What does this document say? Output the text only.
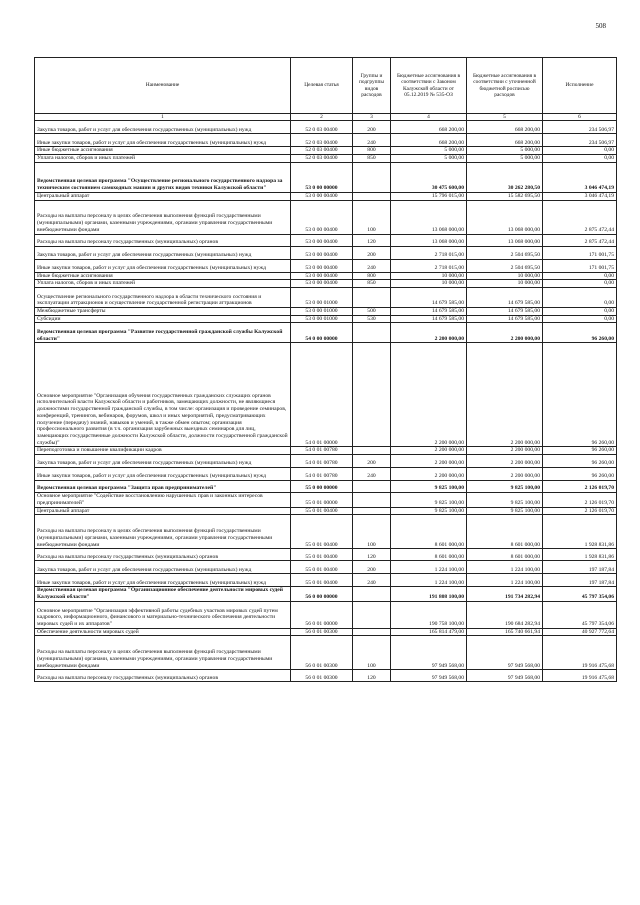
508
Наименование	Целевая статья	Группы и подгруппы видов расходов	Бюджетные ассигнования в соответствии с Законом Калужской области от 05.12.2019 № 535-ОЗ	Бюджетные ассигнования в соответствии с уточненной бюджетной росписью расходов	Исполнение
1	2	3	4	5	6
Закупка товаров, работ и услуг для обеспечения государственных (муниципальных) нужд	52 0 03 00400	200	668 200,00	668 200,00	234 506,97
Иные закупки товаров, работ и услуг для обеспечения государственных (муниципальных) нужд	52 0 03 00400	240	668 200,00	668 200,00	234 506,97
Иные бюджетные ассигнования	52 0 03 00400	800	5 000,00	5 000,00	0,00
Уплата налогов, сборов и иных платежей	52 0 03 00400	850	5 000,00	5 000,00	0,00
Ведомственная целевая программа "Осуществление регионального государственного надзора за техническим состоянием самоходных машин и других видов техники Калужской области"	53 0 00 00000		30 475 600,00	30 262 280,50	3 046 474,19
Центральный аппарат	53 0 00 00400		15 796 015,00	15 582 695,50	3 046 474,19
Расходы на выплаты персоналу в целях обеспечения выполнения функций государственными (муниципальными) органами, казенными учреждениями, органами управления государственными внебюджетными фондами	53 0 00 00400	100	13 068 000,00	13 068 000,00	2 875 472,44
Расходы на выплаты персоналу государственных (муниципальных) органов	53 0 00 00400	120	13 068 000,00	13 068 000,00	2 875 472,44
Закупка товаров, работ и услуг для обеспечения государственных (муниципальных) нужд	53 0 00 00400	200	2 718 015,00	2 504 695,50	171 001,75
Иные закупки товаров, работ и услуг для обеспечения государственных (муниципальных) нужд	53 0 00 00400	240	2 718 015,00	2 504 695,50	171 001,75
Иные бюджетные ассигнования	53 0 00 00400	800	10 000,00	10 000,00	0,00
Уплата налогов, сборов и иных платежей	53 0 00 00400	850	10 000,00	10 000,00	0,00
Осуществление регионального государственного надзора в области технического состояния и эксплуатации аттракционов и осуществление государственной регистрации аттракционов	53 0 00 01000		14 679 585,00	14 679 585,00	0,00
Межбюджетные трансферты	53 0 00 01000	500	14 679 585,00	14 679 585,00	0,00
Субсидии	53 0 00 01000	530	14 679 585,00	14 679 585,00	0,00
Ведомственная целевая программа "Развитие государственной гражданской службы Калужской области"	54 0 00 00000		2 200 000,00	2 200 000,00	96 260,00
Основное мероприятие "Организация обучения государственных гражданских служащих органов исполнительной власти Калужской области и работников, замещающих должности, не являющиеся должностями государственной гражданской службы, в том числе: организация и проведение семинаров, конференций, тренингов, вебинаров, форумов, школ и иных мероприятий, предусматривающих получение (передачу) знаний, навыков и умений, в также обмен опытом; организация профессионального развития (в т.ч. организация зарубежных выездных семинаров для лиц, замещающих государственные должности Калужской области, должности государственной гражданской службы)"	54 0 01 00000		2 200 000,00	2 200 000,00	96 260,00
Переподготовка и повышение квалификации кадров	54 0 01 00780		2 200 000,00	2 200 000,00	96 260,00
Закупка товаров, работ и услуг для обеспечения государственных (муниципальных) нужд	54 0 01 00780	200	2 200 000,00	2 200 000,00	96 260,00
Иные закупки товаров, работ и услуг для обеспечения государственных (муниципальных) нужд	54 0 01 00780	240	2 200 000,00	2 200 000,00	96 260,00
Ведомственная целевая программа "Защита прав предпринимателей"	55 0 00 00000		9 825 100,00	9 825 100,00	2 126 019,70
Основное мероприятие "Содействие восстановлению нарушенных прав и законных интересов предпринимателей"	55 0 01 00000		9 825 100,00	9 825 100,00	2 126 019,70
Центральный аппарат	55 0 01 00400		9 825 100,00	9 825 100,00	2 126 019,70
Расходы на выплаты персоналу в целях обеспечения выполнения функций государственными (муниципальными) органами, казенными учреждениями, органами управления государственными внебюджетными фондами	55 0 01 00400	100	8 601 000,00	8 601 000,00	1 928 831,86
Расходы на выплаты персоналу государственных (муниципальных) органов	55 0 01 00400	120	8 601 000,00	8 601 000,00	1 928 831,86
Закупка товаров, работ и услуг для обеспечения государственных (муниципальных) нужд	55 0 01 00400	200	1 224 100,00	1 224 100,00	197 187,84
Иные закупки товаров, работ и услуг для обеспечения государственных (муниципальных) нужд	55 0 01 00400	240	1 224 100,00	1 224 100,00	197 187,84
Ведомственная целевая программа "Организационное обеспечение деятельности мировых судей Калужской области"	56 0 00 00000		191 808 100,00	191 734 282,94	45 797 354,06
Основное мероприятие "Организация эффективной работы судебных участков мировых судей путем кадрового, информационного, финансового и материально-технического обеспечения деятельности мировых судей и их аппаратов"	56 0 01 00000		190 758 100,00	190 684 282,94	45 797 354,06
Обеспечение деятельности мировых судей	56 0 01 00300		165 814 479,00	165 740 661,94	40 927 772,64
Расходы на выплаты персоналу в целях обеспечения выполнения функций государственными (муниципальными) органами, казенными учреждениями, органами управления государственными внебюджетными фондами	56 0 01 00300	100	97 949 568,00	97 949 568,00	19 916 475,68
Расходы на выплаты персоналу государственных (муниципальных) органов	56 0 01 00300	120	97 949 568,00	97 949 568,00	19 916 475,68
